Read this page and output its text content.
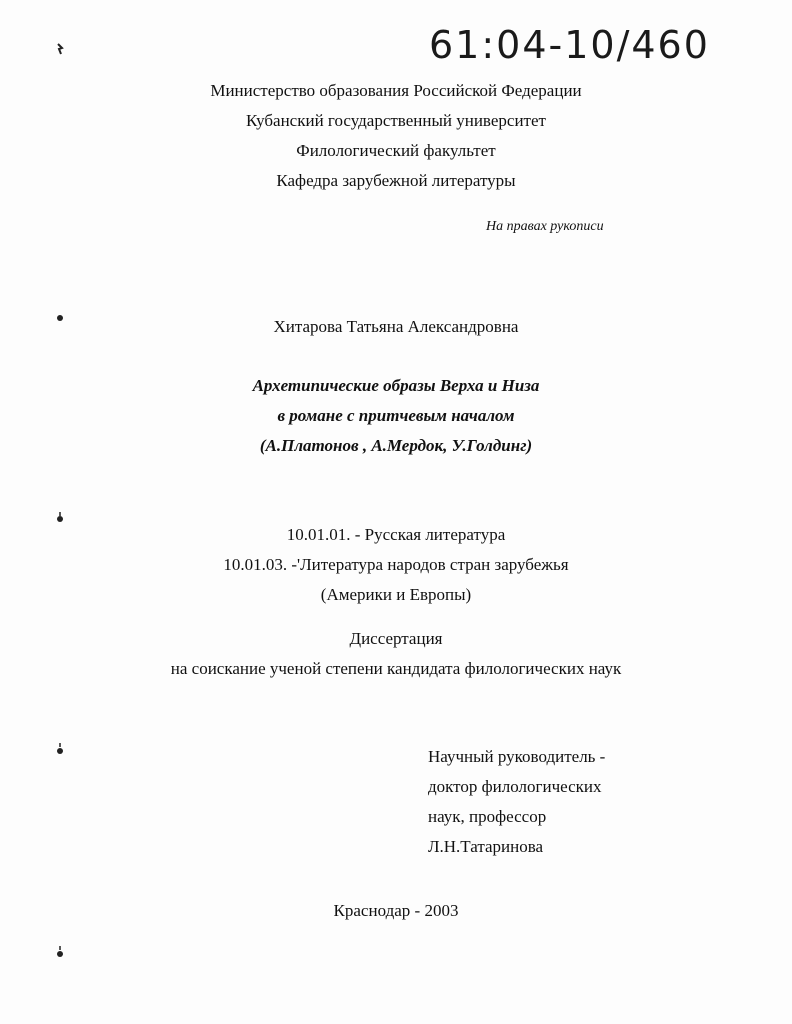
61:04-10/460
Министерство образования Российской Федерации
Кубанский государственный университет
Филологический факультет
Кафедра зарубежной литературы
На правах рукописи
Хитарова Татьяна Александровна
Архетипические образы Верха и Низа
в романе с притчевым началом
(А.Платонов , А.Мердок, У.Голдинг)
10.01.01. - Русская литература
10.01.03. -'Литература народов стран зарубежья
(Америки и Европы)
Диссертация
на соискание ученой степени кандидата филологических наук
Научный руководитель -
доктор филологических
наук, профессор
Л.Н.Татаринова
Краснодар - 2003
